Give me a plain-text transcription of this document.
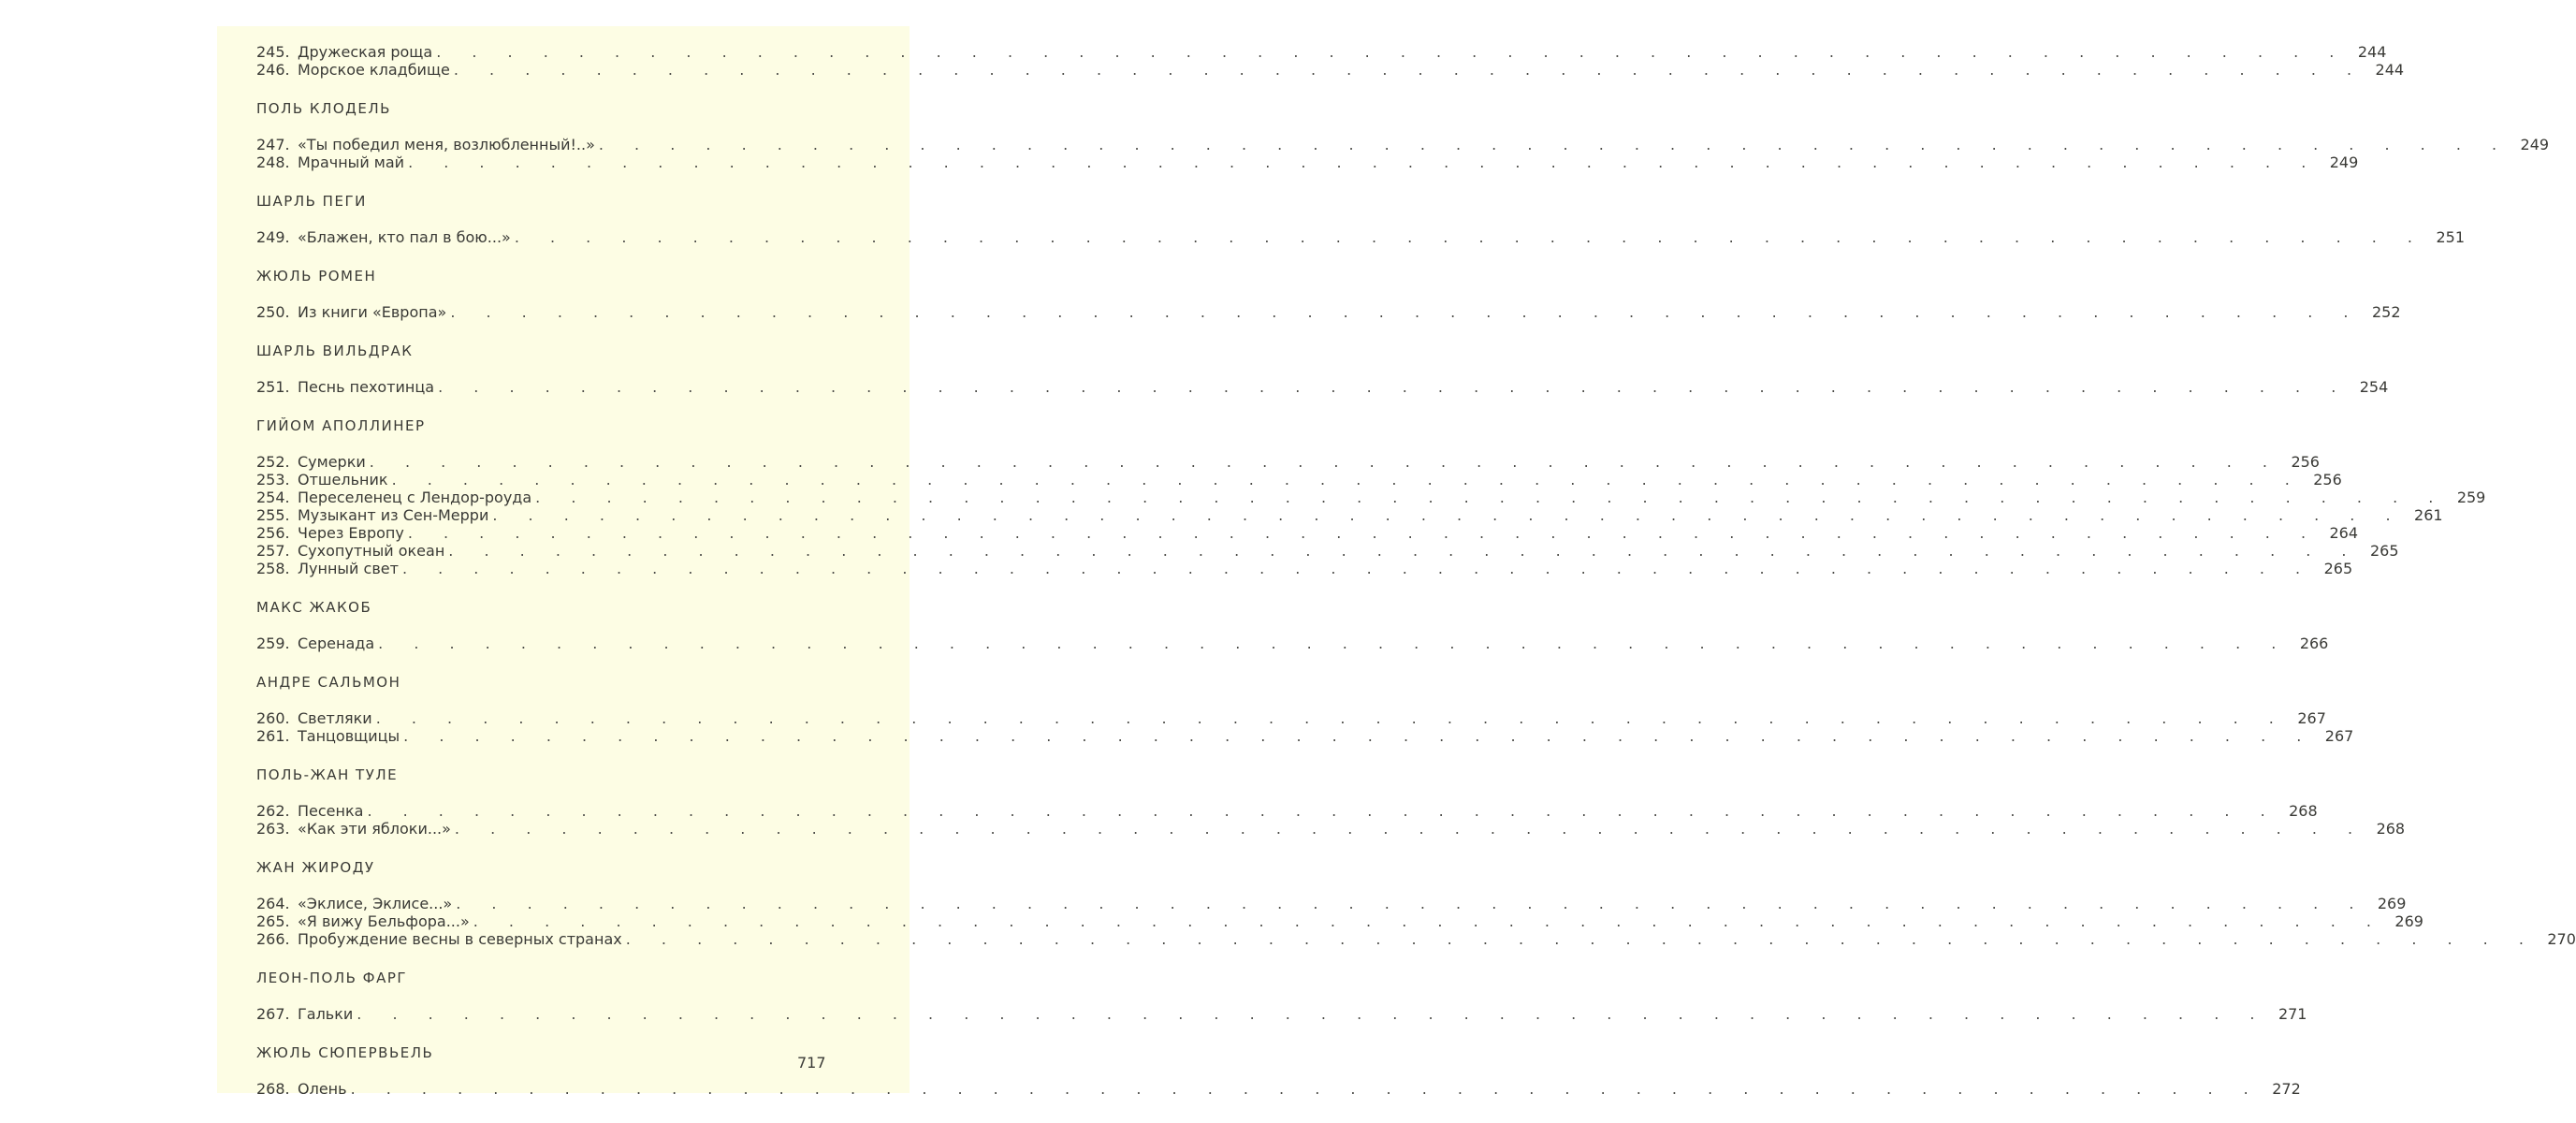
245. Дружеская роща . . . . . . . . . . . . . . . . . . . . . . . . . . . . . . . . . . . . . . . . . . . . . . . . . . . . . . 244
246. Морское кладбище . . . . . . . . . . . . . . . . . . . . . . . . . . . . . . . . . . . . . . . . . . . . . . . . . . . . . . 244
ПОЛЬ КЛОДЕЛЬ
247. «Ты победил меня, возлюбленный!..» . . . . . . . . . . . . . . . . . . . . . . . . . . . . . . . . . . . . . . . . . . . . . . . . . . . . . . 249
248. Мрачный май . . . . . . . . . . . . . . . . . . . . . . . . . . . . . . . . . . . . . . . . . . . . . . . . . . . . . . 249
ШАРЛЬ ПЕГИ
249. «Блажен, кто пал в бою...» . . . . . . . . . . . . . . . . . . . . . . . . . . . . . . . . . . . . . . . . . . . . . . . . . . . . . . 251
ЖЮЛЬ РОМЕН
250. Из книги «Европа» . . . . . . . . . . . . . . . . . . . . . . . . . . . . . . . . . . . . . . . . . . . . . . . . . . . . . . 252
ШАРЛЬ ВИЛЬДРАК
251. Песнь пехотинца . . . . . . . . . . . . . . . . . . . . . . . . . . . . . . . . . . . . . . . . . . . . . . . . . . . . . . 254
ГИЙОМ АПОЛЛИНЕР
252. Сумерки . . . . . . . . . . . . . . . . . . . . . . . . . . . . . . . . . . . . . . . . . . . . . . . . . . . . . . 256
253. Отшельник . . . . . . . . . . . . . . . . . . . . . . . . . . . . . . . . . . . . . . . . . . . . . . . . . . . . . . 256
254. Переселенец с Лендор-роуда . . . . . . . . . . . . . . . . . . . . . . . . . . . . . . . . . . . . . . . . . . . . . . . . . . . . . . 259
255. Музыкант из Сен-Мерри . . . . . . . . . . . . . . . . . . . . . . . . . . . . . . . . . . . . . . . . . . . . . . . . . . . . . . 261
256. Через Европу . . . . . . . . . . . . . . . . . . . . . . . . . . . . . . . . . . . . . . . . . . . . . . . . . . . . . . 264
257. Сухопутный океан . . . . . . . . . . . . . . . . . . . . . . . . . . . . . . . . . . . . . . . . . . . . . . . . . . . . . . 265
258. Лунный свет . . . . . . . . . . . . . . . . . . . . . . . . . . . . . . . . . . . . . . . . . . . . . . . . . . . . . . 265
МАКС ЖАКОБ
259. Серенада . . . . . . . . . . . . . . . . . . . . . . . . . . . . . . . . . . . . . . . . . . . . . . . . . . . . . . 266
АНДРЕ САЛЬМОН
260. Светляки . . . . . . . . . . . . . . . . . . . . . . . . . . . . . . . . . . . . . . . . . . . . . . . . . . . . . . 267
261. Танцовщицы . . . . . . . . . . . . . . . . . . . . . . . . . . . . . . . . . . . . . . . . . . . . . . . . . . . . . . 267
ПОЛЬ-ЖАН ТУЛЕ
262. Песенка . . . . . . . . . . . . . . . . . . . . . . . . . . . . . . . . . . . . . . . . . . . . . . . . . . . . . . 268
263. «Как эти яблоки...» . . . . . . . . . . . . . . . . . . . . . . . . . . . . . . . . . . . . . . . . . . . . . . . . . . . . . . 268
ЖАН ЖИРОДУ
264. «Эклисе, Эклисе...» . . . . . . . . . . . . . . . . . . . . . . . . . . . . . . . . . . . . . . . . . . . . . . . . . . . . . . 269
265. «Я вижу Бельфора...» . . . . . . . . . . . . . . . . . . . . . . . . . . . . . . . . . . . . . . . . . . . . . . . . . . . . . . 269
266. Пробуждение весны в северных странах . . . . . . . . . . . . . . . . . . . . . . . . . . . . . . . . . . . . . . . . . . . . . . . . . . . . . . 270
ЛЕОН-ПОЛЬ ФАРГ
267. Гальки . . . . . . . . . . . . . . . . . . . . . . . . . . . . . . . . . . . . . . . . . . . . . . . . . . . . . . 271
ЖЮЛЬ СЮПЕРВЬЕЛЬ
268. Олень . . . . . . . . . . . . . . . . . . . . . . . . . . . . . . . . . . . . . . . . . . . . . . . . . . . . . . 272
717
